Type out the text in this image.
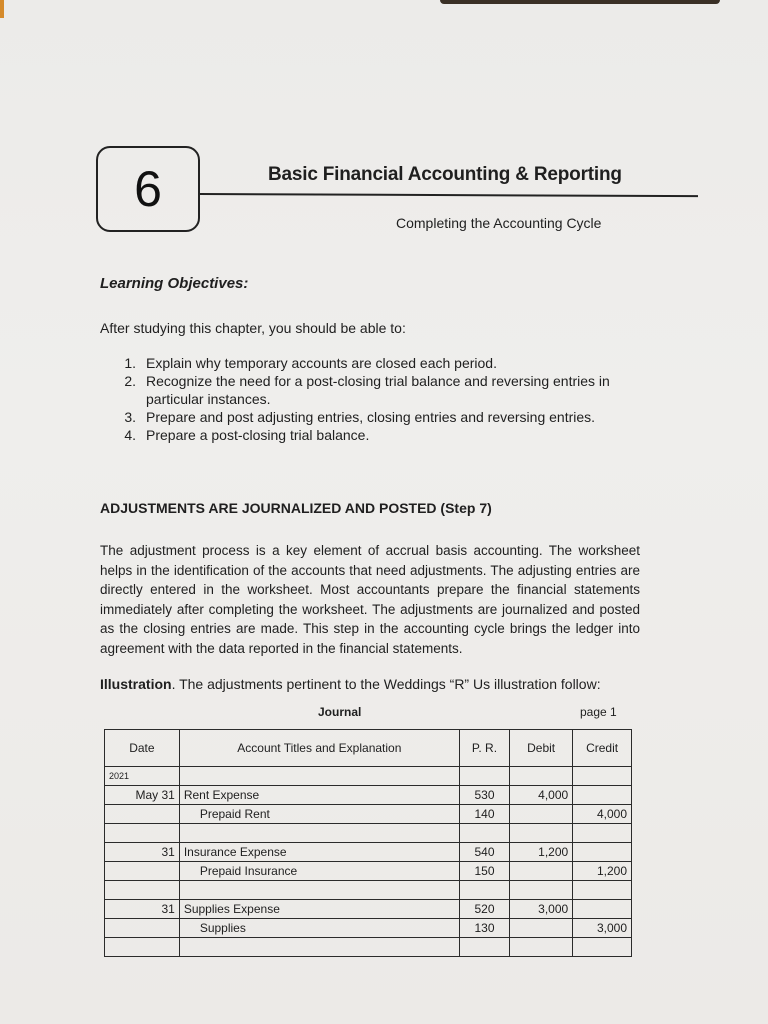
6	Basic Financial Accounting & Reporting
Completing the Accounting Cycle
Learning Objectives:
After studying this chapter, you should be able to:
1. Explain why temporary accounts are closed each period.
2. Recognize the need for a post-closing trial balance and reversing entries in particular instances.
3. Prepare and post adjusting entries, closing entries and reversing entries.
4. Prepare a post-closing trial balance.
ADJUSTMENTS ARE JOURNALIZED AND POSTED (Step 7)
The adjustment process is a key element of accrual basis accounting. The worksheet helps in the identification of the accounts that need adjustments. The adjusting entries are directly entered in the worksheet. Most accountants prepare the financial statements immediately after completing the worksheet. The adjustments are journalized and posted as the closing entries are made. This step in the accounting cycle brings the ledger into agreement with the data reported in the financial statements.
Illustration. The adjustments pertinent to the Weddings “R” Us illustration follow:
Journal	page 1
Date	Account Titles and Explanation	P. R.	Debit	Credit
2021				
May 31	Rent Expense	530	4,000	
	Prepaid Rent	140		4,000

31	Insurance Expense	540	1,200	
	Prepaid Insurance	150		1,200

31	Supplies Expense	520	3,000	
	Supplies	130		3,000
